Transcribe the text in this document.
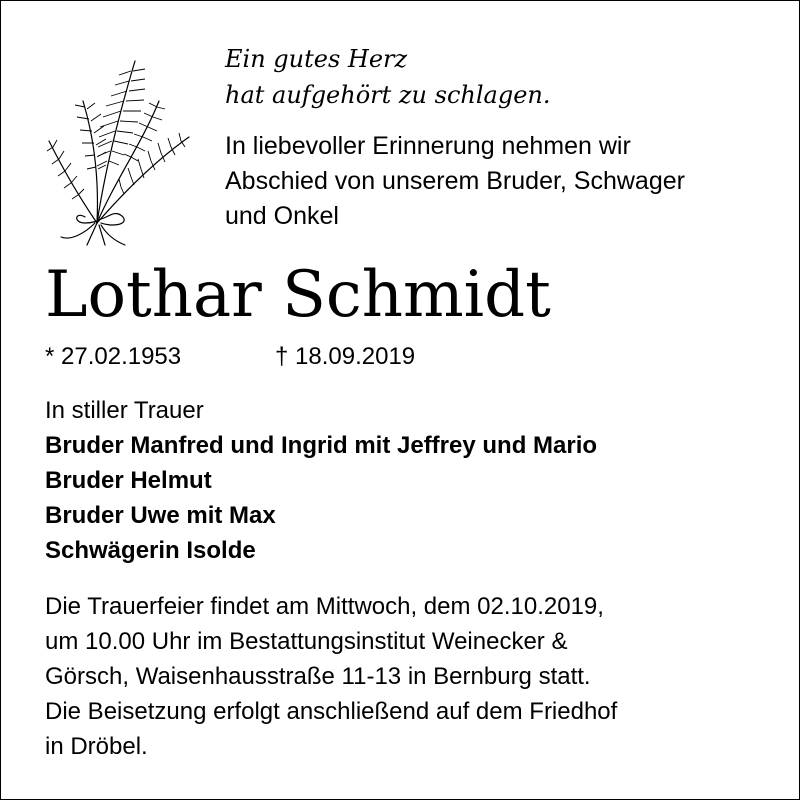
Ein gutes Herz
hat aufgehört zu schlagen.
In liebevoller Erinnerung nehmen wir
Abschied von unserem Bruder, Schwager
und Onkel
Lothar Schmidt
* 27.02.1953	† 18.09.2019
In stiller Trauer
Bruder Manfred und Ingrid mit Jeffrey und Mario
Bruder Helmut
Bruder Uwe mit Max
Schwägerin Isolde
Die Trauerfeier findet am Mittwoch, dem 02.10.2019,
um 10.00 Uhr im Bestattungsinstitut Weinecker &
Görsch, Waisenhausstraße 11-13 in Bernburg statt.
Die Beisetzung erfolgt anschließend auf dem Friedhof
in Dröbel.
